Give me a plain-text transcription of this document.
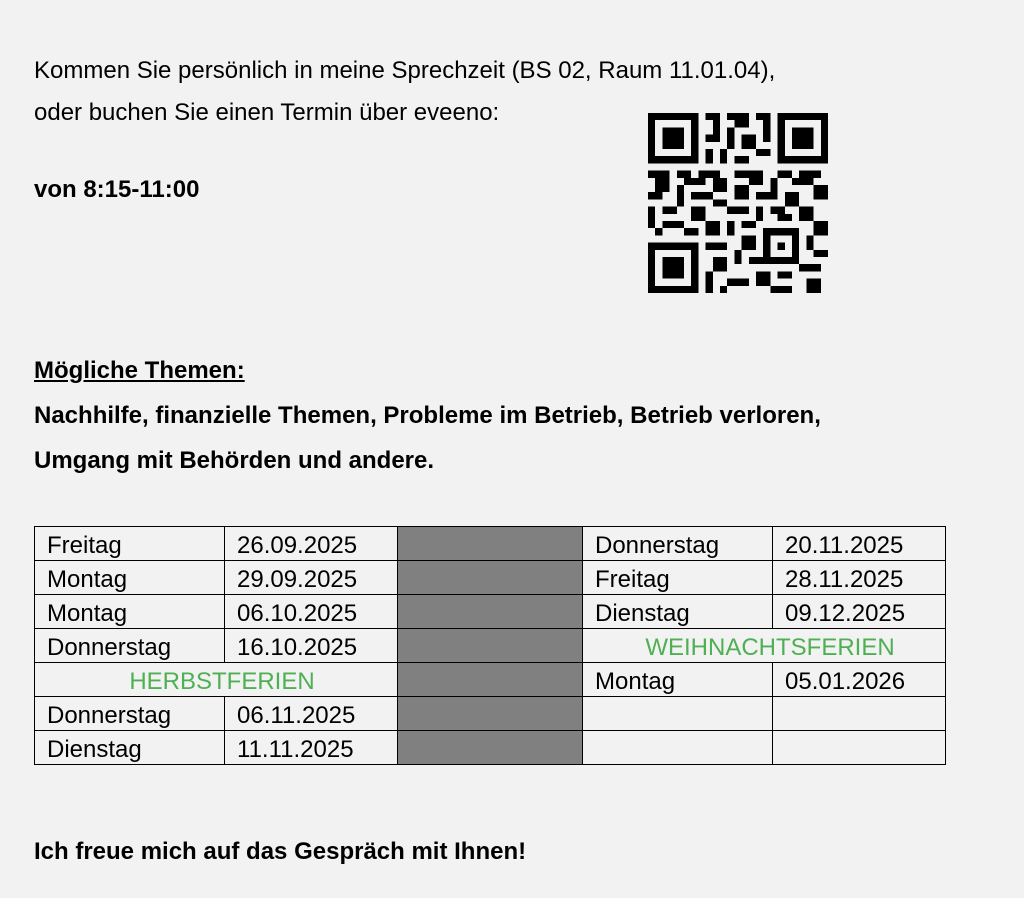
Kommen Sie persönlich in meine Sprechzeit (BS 02, Raum 11.01.04),

oder buchen Sie einen Termin über eveeno:

von 8:15-11:00

Mögliche Themen:

Nachhilfe, finanzielle Themen, Probleme im Betrieb, Betrieb verloren,

Umgang mit Behörden und andere.

Freitag	26.09.2025		Donnerstag	20.11.2025
Montag	29.09.2025		Freitag	28.11.2025
Montag	06.10.2025		Dienstag	09.12.2025
Donnerstag	16.10.2025		WEIHNACHTSFERIEN	
HERBSTFERIEN			Montag	05.01.2026
Donnerstag	06.11.2025			
Dienstag	11.11.2025			
Ich freue mich auf das Gespräch mit Ihnen!
